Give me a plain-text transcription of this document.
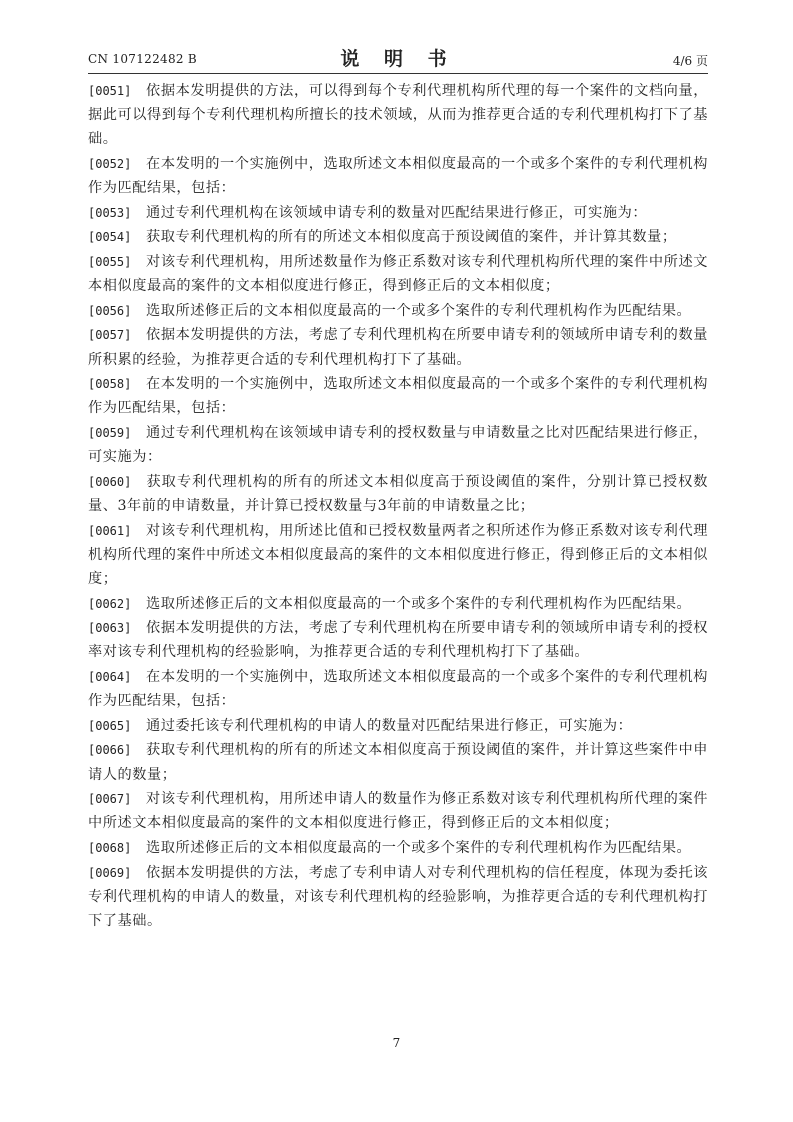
CN 107122482 B	说 明 书	4/6 页

[0051] 依据本发明提供的方法，可以得到每个专利代理机构所代理的每一个案件的文档向量，据此可以得到每个专利代理机构所擅长的技术领域，从而为推荐更合适的专利代理机构打下了基础。

[0052] 在本发明的一个实施例中，选取所述文本相似度最高的一个或多个案件的专利代理机构作为匹配结果，包括：

[0053] 通过专利代理机构在该领域申请专利的数量对匹配结果进行修正，可实施为：

[0054] 获取专利代理机构的所有的所述文本相似度高于预设阈值的案件，并计算其数量；

[0055] 对该专利代理机构，用所述数量作为修正系数对该专利代理机构所代理的案件中所述文本相似度最高的案件的文本相似度进行修正，得到修正后的文本相似度；

[0056] 选取所述修正后的文本相似度最高的一个或多个案件的专利代理机构作为匹配结果。

[0057] 依据本发明提供的方法，考虑了专利代理机构在所要申请专利的领域所申请专利的数量所积累的经验，为推荐更合适的专利代理机构打下了基础。

[0058] 在本发明的一个实施例中，选取所述文本相似度最高的一个或多个案件的专利代理机构作为匹配结果，包括：

[0059] 通过专利代理机构在该领域申请专利的授权数量与申请数量之比对匹配结果进行修正，可实施为：

[0060] 获取专利代理机构的所有的所述文本相似度高于预设阈值的案件，分别计算已授权数量、3年前的申请数量，并计算已授权数量与3年前的申请数量之比；

[0061] 对该专利代理机构，用所述比值和已授权数量两者之积所述作为修正系数对该专利代理机构所代理的案件中所述文本相似度最高的案件的文本相似度进行修正，得到修正后的文本相似度；

[0062] 选取所述修正后的文本相似度最高的一个或多个案件的专利代理机构作为匹配结果。

[0063] 依据本发明提供的方法，考虑了专利代理机构在所要申请专利的领域所申请专利的授权率对该专利代理机构的经验影响，为推荐更合适的专利代理机构打下了基础。

[0064] 在本发明的一个实施例中，选取所述文本相似度最高的一个或多个案件的专利代理机构作为匹配结果，包括：

[0065] 通过委托该专利代理机构的申请人的数量对匹配结果进行修正，可实施为：

[0066] 获取专利代理机构的所有的所述文本相似度高于预设阈值的案件，并计算这些案件中申请人的数量；

[0067] 对该专利代理机构，用所述申请人的数量作为修正系数对该专利代理机构所代理的案件中所述文本相似度最高的案件的文本相似度进行修正，得到修正后的文本相似度；

[0068] 选取所述修正后的文本相似度最高的一个或多个案件的专利代理机构作为匹配结果。

[0069] 依据本发明提供的方法，考虑了专利申请人对专利代理机构的信任程度，体现为委托该专利代理机构的申请人的数量，对该专利代理机构的经验影响，为推荐更合适的专利代理机构打下了基础。

7
